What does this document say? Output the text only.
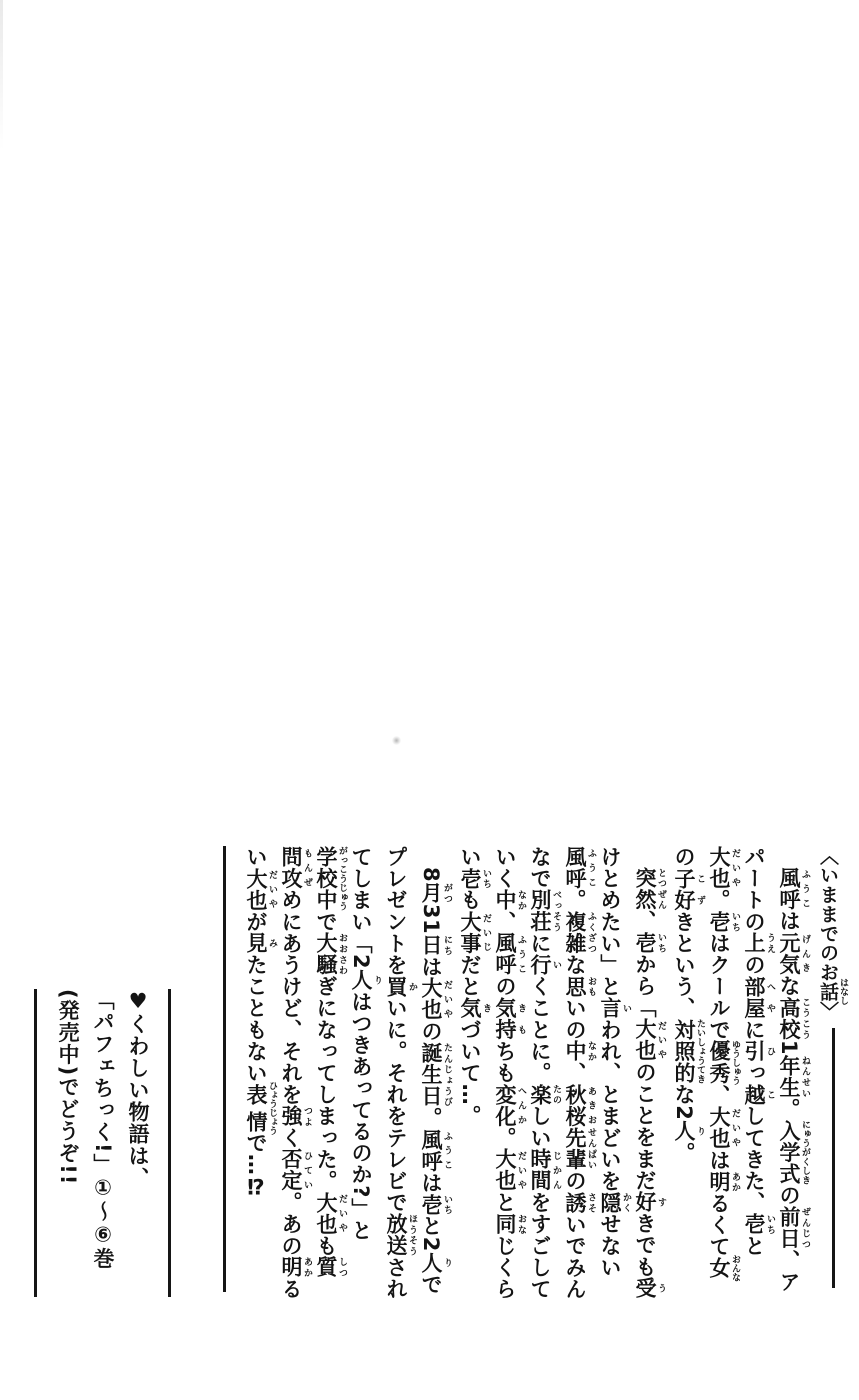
〈いままでのお話 はなし〉

風呼 ふうこは元気 げんきな高校 こうこう1年生 ねんせい。入学式 にゅうがくしきの前日 ぜんじつ、アパートの上 うえの部屋 へやに引 ひっ越 こしてきた、壱 いちと大也 だいや。壱 いちはクールで優秀 ゆうしゅう、大也 だいやは明 あかるくて女 おんなの子好 こずきという、対照的 たいしょうてきな2人 り。

突然 とつぜん、壱 いちから「大也 だいやのことをまだ好 すきでも受 うけとめたい」と言 いわれ、とまどいを隠 かくせない風呼 ふうこ。複雑 ふくざつな思 おもいの中 なか、秋桜 あきお先輩 せんぱいの誘 さそいでみんなで別荘 べっそうに行 いくことに。楽 たのしい時間 じかんをすごしていく中 なか、風呼 ふうこの気持 きもちも変化 へんか。大也 だいやと同 おなじくらい壱 いちも大事 だいじだと気 きづいて…。

8月 がつ31日 にちは大也 だいやの誕生日 たんじょうび。風呼 ふうこは壱 いちと2人 りでプレゼントを買 かいに。それをテレビで放送 ほうそうされてしまい「2人 りはつきあってるのか?」と学校中 がっこうじゅうで大騒 おおさわぎになってしまった。大也 だいやも質 しつ問攻 もんぜめにあうけど、それを強 つよく否定 ひてい。あの明 あかるい大也 だいやが見 みたこともない表情 ひょうじょうで…⁉

♥くわしい物語は、
「パフェちっく!」①〜⑥巻
(発売中)でどうぞ!!
